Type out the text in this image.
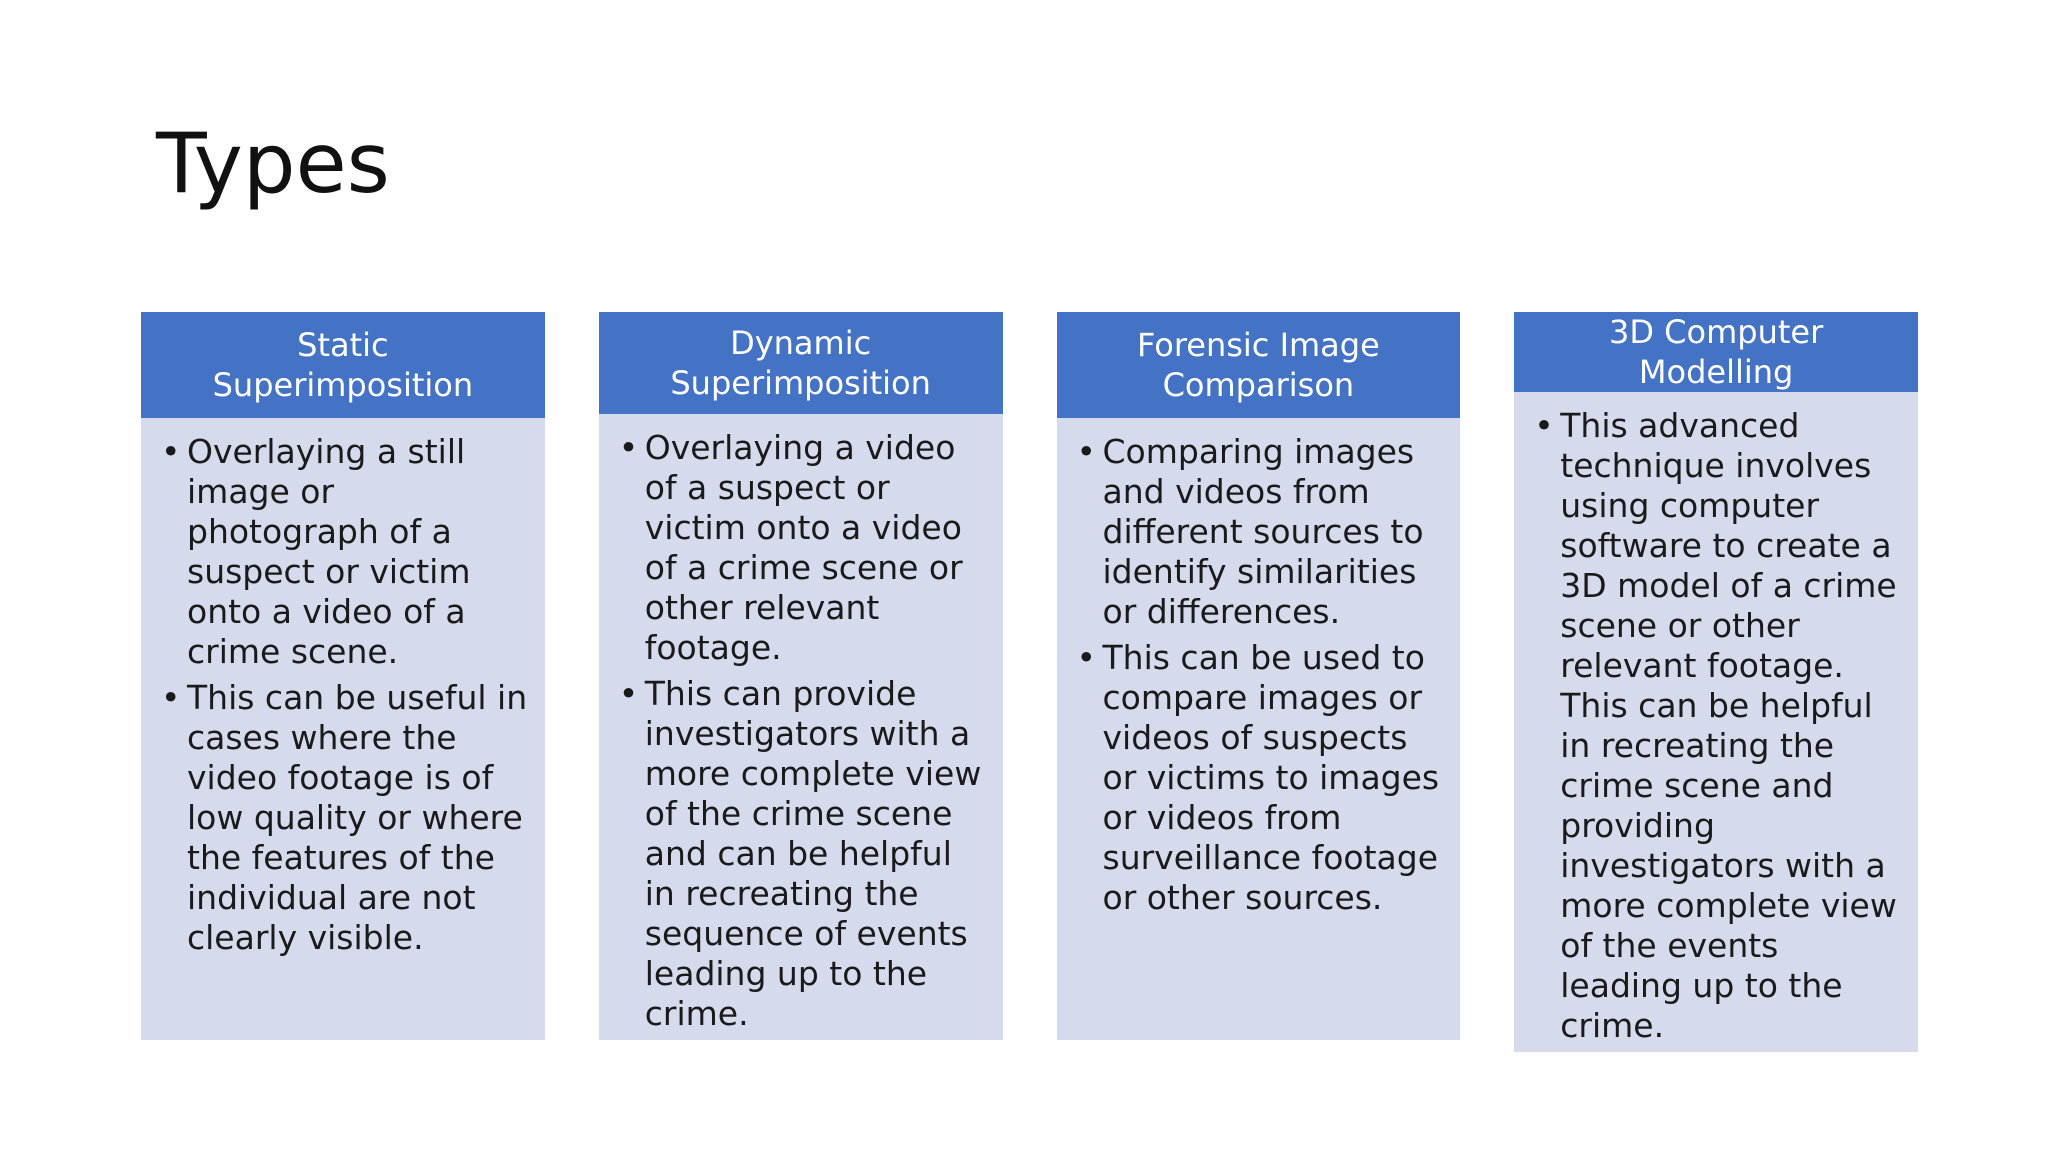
Types
Static Superimposition
• Overlaying a still image or photograph of a suspect or victim onto a video of a crime scene.
• This can be useful in cases where the video footage is of low quality or where the features of the individual are not clearly visible.
Dynamic Superimposition
• Overlaying a video of a suspect or victim onto a video of a crime scene or other relevant footage.
• This can provide investigators with a more complete view of the crime scene and can be helpful in recreating the sequence of events leading up to the crime.
Forensic Image Comparison
• Comparing images and videos from different sources to identify similarities or differences.
• This can be used to compare images or videos of suspects or victims to images or videos from surveillance footage or other sources.
3D Computer Modelling
• This advanced technique involves using computer software to create a 3D model of a crime scene or other relevant footage. This can be helpful in recreating the crime scene and providing investigators with a more complete view of the events leading up to the crime.
